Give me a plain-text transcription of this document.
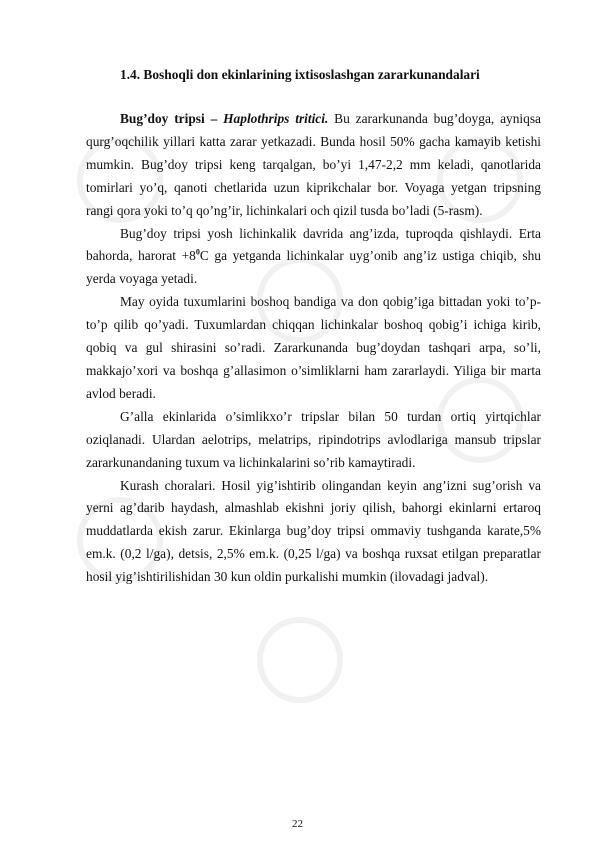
1.4. Boshoqli don ekinlarining ixtisoslashgan zararkunandalari

Bug’doy tripsi – Haplothrips tritici. Bu zararkunanda bug’doyga, ayniqsa qurg’oqchilik yillari katta zarar yetkazadi. Bunda hosil 50% gacha kamayib ketishi mumkin. Bug’doy tripsi keng tarqalgan, bo’yi 1,47-2,2 mm keladi, qanotlarida tomirlari yo’q, qanoti chetlarida uzun kiprikchalar bor. Voyaga yetgan tripsning rangi qora yoki to’q qo’ng’ir, lichinkalari och qizil tusda bo’ladi (5-rasm).

Bug’doy tripsi yosh lichinkalik davrida ang’izda, tuproqda qishlaydi. Erta bahorda, harorat $+8^0C$ ga yetganda lichinkalar uyg’onib ang’iz ustiga chiqib, shu yerda voyaga yetadi.

May oyida tuxumlarini boshoq bandiga va don qobig’iga bittadan yoki to’p-to’p qilib qo’yadi. Tuxumlardan chiqqan lichinkalar boshoq qobig’i ichiga kirib, qobiq va gul shirasini so’radi. Zararkunanda bug’doydan tashqari arpa, so’li, makkajo’xori va boshqa g’allasimon o’simliklarni ham zararlaydi. Yiliga bir marta avlod beradi.

G’alla ekinlarida o’simlikxo’r tripslar bilan 50 turdan ortiq yirtqichlar oziqlanadi. Ulardan aelotrips, melatrips, ripindotrips avlodlariga mansub tripslar zararkunandaning tuxum va lichinkalarini so’rib kamaytiradi.

Kurash choralari. Hosil yig’ishtirib olingandan keyin ang’izni sug’orish va yerni ag’darib haydash, almashlab ekishni joriy qilish, bahorgi ekinlarni ertaroq muddatlarda ekish zarur. Ekinlarga bug’doy tripsi ommaviy tushganda karate,5% em.k. (0,2 l/ga), detsis, 2,5% em.k. (0,25 l/ga) va boshqa ruxsat etilgan preparatlar hosil yig’ishtirilishidan 30 kun oldin purkalishi mumkin (ilovadagi jadval).

22
